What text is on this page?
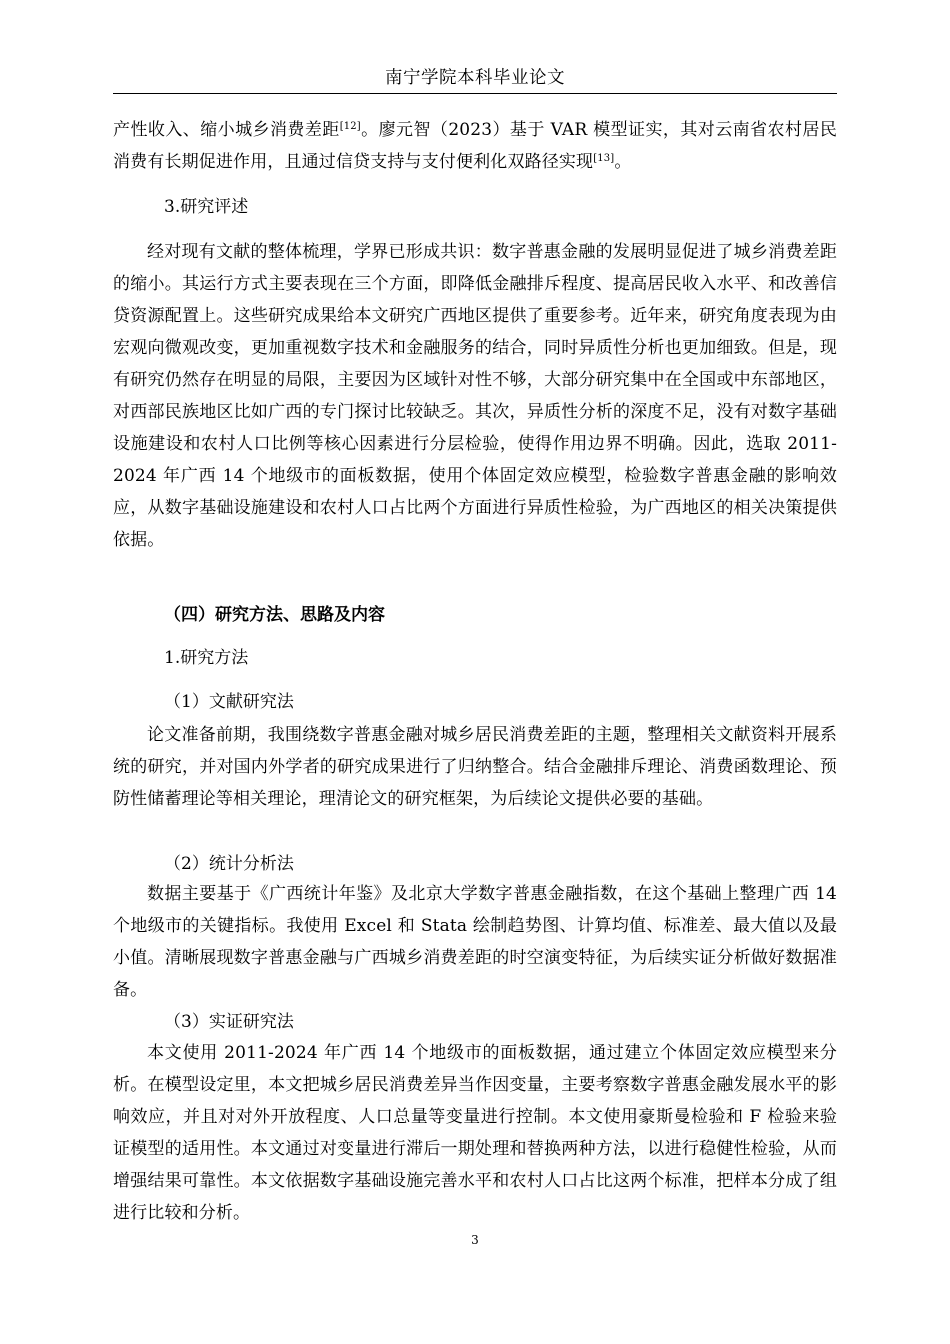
南宁学院本科毕业论文

产性收入、缩小城乡消费差距[12]。廖元智（2023）基于 VAR 模型证实，其对云南省农村居民消费有长期促进作用，且通过信贷支持与支付便利化双路径实现[13]。

3.研究评述

经对现有文献的整体梳理，学界已形成共识：数字普惠金融的发展明显促进了城乡消费差距的缩小。其运行方式主要表现在三个方面，即降低金融排斥程度、提高居民收入水平、和改善信贷资源配置上。这些研究成果给本文研究广西地区提供了重要参考。近年来，研究角度表现为由宏观向微观改变，更加重视数字技术和金融服务的结合，同时异质性分析也更加细致。但是，现有研究仍然存在明显的局限，主要因为区域针对性不够，大部分研究集中在全国或中东部地区，对西部民族地区比如广西的专门探讨比较缺乏。其次，异质性分析的深度不足，没有对数字基础设施建设和农村人口比例等核心因素进行分层检验，使得作用边界不明确。因此，选取 2011-2024 年广西 14 个地级市的面板数据，使用个体固定效应模型，检验数字普惠金融的影响效应，从数字基础设施建设和农村人口占比两个方面进行异质性检验，为广西地区的相关决策提供依据。

（四）研究方法、思路及内容

1.研究方法

（1）文献研究法

论文准备前期，我围绕数字普惠金融对城乡居民消费差距的主题，整理相关文献资料开展系统的研究，并对国内外学者的研究成果进行了归纳整合。结合金融排斥理论、消费函数理论、预防性储蓄理论等相关理论，理清论文的研究框架，为后续论文提供必要的基础。

（2）统计分析法

数据主要基于《广西统计年鉴》及北京大学数字普惠金融指数，在这个基础上整理广西 14 个地级市的关键指标。我使用 Excel 和 Stata 绘制趋势图、计算均值、标准差、最大值以及最小值。清晰展现数字普惠金融与广西城乡消费差距的时空演变特征，为后续实证分析做好数据准备。

（3）实证研究法

本文使用 2011-2024 年广西 14 个地级市的面板数据，通过建立个体固定效应模型来分析。在模型设定里，本文把城乡居民消费差异当作因变量，主要考察数字普惠金融发展水平的影响效应，并且对对外开放程度、人口总量等变量进行控制。本文使用豪斯曼检验和 F 检验来验证模型的适用性。本文通过对变量进行滞后一期处理和替换两种方法，以进行稳健性检验，从而增强结果可靠性。本文依据数字基础设施完善水平和农村人口占比这两个标准，把样本分成了组进行比较和分析。

3
